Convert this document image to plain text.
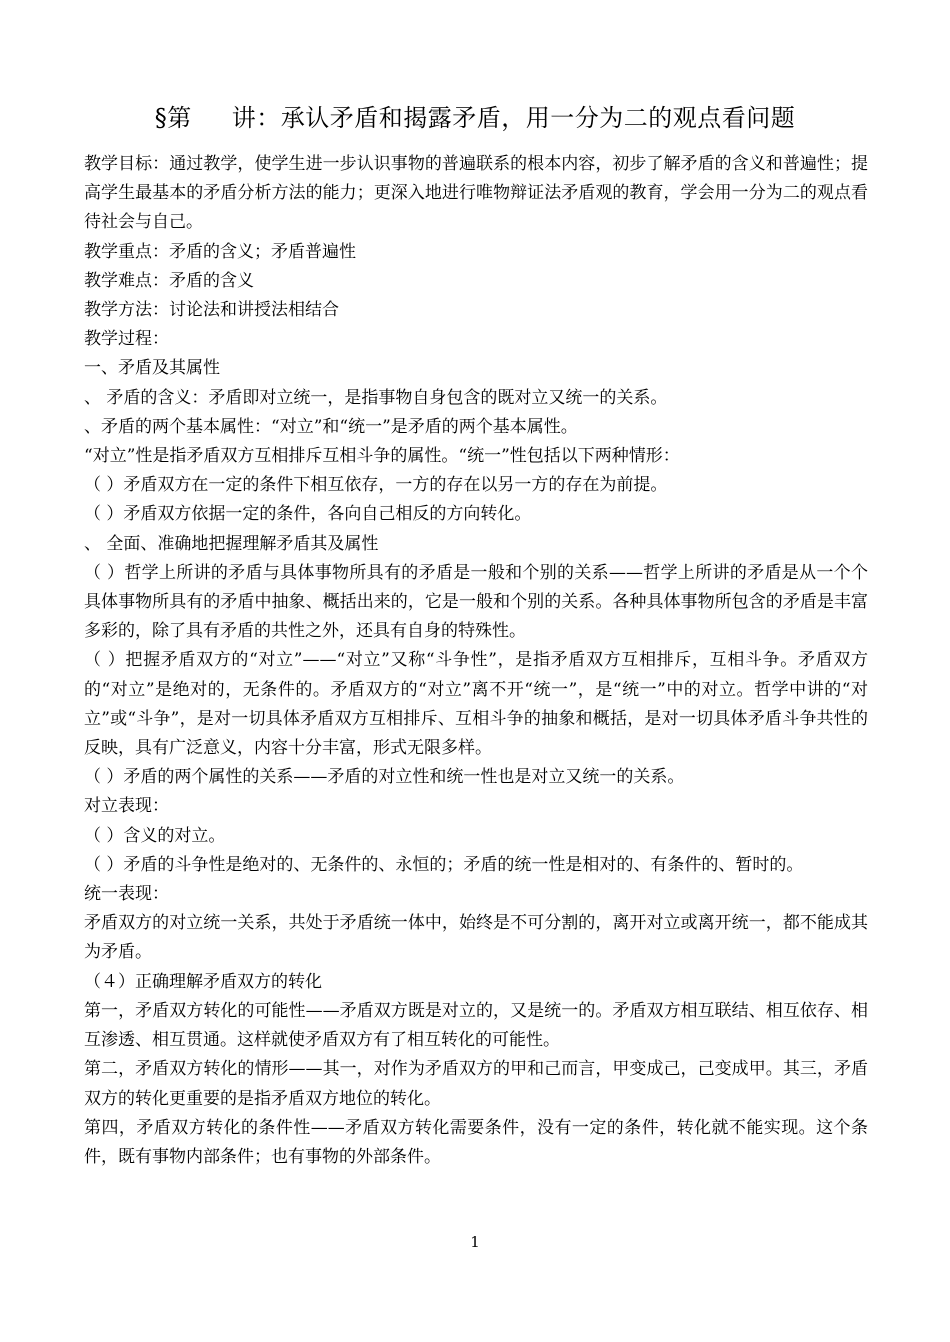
§第 讲：承认矛盾和揭露矛盾，用一分为二的观点看问题

教学目标：通过教学，使学生进一步认识事物的普遍联系的根本内容，初步了解矛盾的含义和普遍性；提高学生最基本的矛盾分析方法的能力；更深入地进行唯物辩证法矛盾观的教育，学会用一分为二的观点看待社会与自己。

教学重点：矛盾的含义；矛盾普遍性

教学难点：矛盾的含义

教学方法：讨论法和讲授法相结合

教学过程：

一、矛盾及其属性

、 矛盾的含义：矛盾即对立统一，是指事物自身包含的既对立又统一的关系。

、矛盾的两个基本属性：“对立”和“统一”是矛盾的两个基本属性。

“对立”性是指矛盾双方互相排斥互相斗争的属性。“统一”性包括以下两种情形：

（ ）矛盾双方在一定的条件下相互依存，一方的存在以另一方的存在为前提。

（ ）矛盾双方依据一定的条件，各向自己相反的方向转化。

、 全面、准确地把握理解矛盾其及属性

（ ）哲学上所讲的矛盾与具体事物所具有的矛盾是一般和个别的关系——哲学上所讲的矛盾是从一个个具体事物所具有的矛盾中抽象、概括出来的，它是一般和个别的关系。各种具体事物所包含的矛盾是丰富多彩的，除了具有矛盾的共性之外，还具有自身的特殊性。

（ ）把握矛盾双方的“对立”——“对立”又称“斗争性”，是指矛盾双方互相排斥，互相斗争。矛盾双方的“对立”是绝对的，无条件的。矛盾双方的“对立”离不开“统一”，是“统一”中的对立。哲学中讲的“对立”或“斗争”，是对一切具体矛盾双方互相排斥、互相斗争的抽象和概括，是对一切具体矛盾斗争共性的反映，具有广泛意义，内容十分丰富，形式无限多样。

（ ）矛盾的两个属性的关系——矛盾的对立性和统一性也是对立又统一的关系。

对立表现：

（ ）含义的对立。

（ ）矛盾的斗争性是绝对的、无条件的、永恒的；矛盾的统一性是相对的、有条件的、暂时的。

统一表现：

矛盾双方的对立统一关系，共处于矛盾统一体中，始终是不可分割的，离开对立或离开统一，都不能成其为矛盾。

（４）正确理解矛盾双方的转化

第一，矛盾双方转化的可能性——矛盾双方既是对立的，又是统一的。矛盾双方相互联结、相互依存、相互渗透、相互贯通。这样就使矛盾双方有了相互转化的可能性。

第二，矛盾双方转化的情形——其一，对作为矛盾双方的甲和己而言，甲变成己，己变成甲。其三，矛盾双方的转化更重要的是指矛盾双方地位的转化。

第四，矛盾双方转化的条件性——矛盾双方转化需要条件，没有一定的条件，转化就不能实现。这个条件，既有事物内部条件；也有事物的外部条件。

1
